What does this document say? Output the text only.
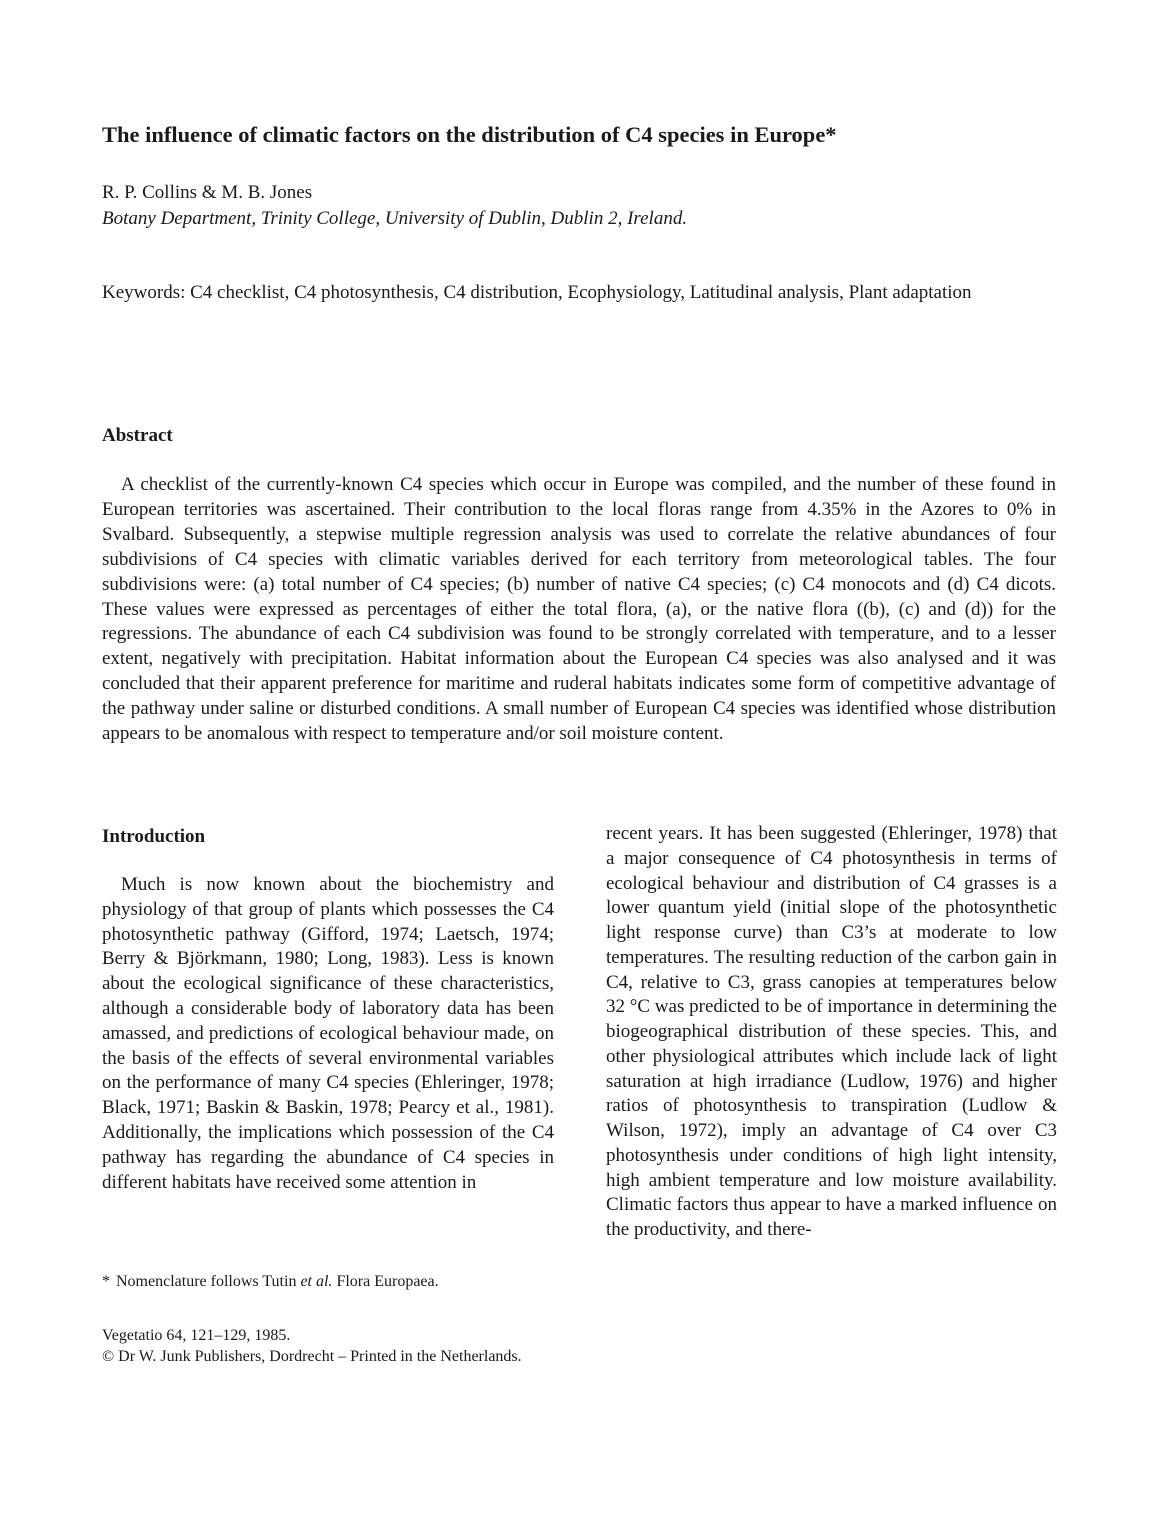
The influence of climatic factors on the distribution of C4 species in Europe*
R. P. Collins & M. B. Jones
Botany Department, Trinity College, University of Dublin, Dublin 2, Ireland.
Keywords: C4 checklist, C4 photosynthesis, C4 distribution, Ecophysiology, Latitudinal analysis, Plant adaptation
Abstract

A checklist of the currently-known C4 species which occur in Europe was compiled, and the number of these found in European territories was ascertained. Their contribution to the local floras range from 4.35% in the Azores to 0% in Svalbard. Subsequently, a stepwise multiple regression analysis was used to correlate the relative abundances of four subdivisions of C4 species with climatic variables derived for each territory from meteorological tables. The four subdivisions were: (a) total number of C4 species; (b) number of native C4 species; (c) C4 monocots and (d) C4 dicots. These values were expressed as percentages of either the total flora, (a), or the native flora ((b), (c) and (d)) for the regressions. The abundance of each C4 subdivision was found to be strongly correlated with temperature, and to a lesser extent, negatively with precipitation. Habitat information about the European C4 species was also analysed and it was concluded that their apparent preference for maritime and ruderal habitats indicates some form of competitive advantage of the pathway under saline or disturbed conditions. A small number of European C4 species was identified whose distribution appears to be anomalous with respect to temperature and/or soil moisture content.

Introduction

Much is now known about the biochemistry and physiology of that group of plants which possesses the C4 photosynthetic pathway (Gifford, 1974; Laetsch, 1974; Berry & Björkmann, 1980; Long, 1983). Less is known about the ecological significance of these characteristics, although a considerable body of laboratory data has been amassed, and predictions of ecological behaviour made, on the basis of the effects of several environmental variables on the performance of many C4 species (Ehleringer, 1978; Black, 1971; Baskin & Baskin, 1978; Pearcy et al., 1981). Additionally, the implications which possession of the C4 pathway has regarding the abundance of C4 species in different habitats have received some attention in

recent years. It has been suggested (Ehleringer, 1978) that a major consequence of C4 photosynthesis in terms of ecological behaviour and distribution of C4 grasses is a lower quantum yield (initial slope of the photosynthetic light response curve) than C3’s at moderate to low temperatures. The resulting reduction of the carbon gain in C4, relative to C3, grass canopies at temperatures below 32 °C was predicted to be of importance in determining the biogeographical distribution of these species. This, and other physiological attributes which include lack of light saturation at high irradiance (Ludlow, 1976) and higher ratios of photosynthesis to transpiration (Ludlow & Wilson, 1972), imply an advantage of C4 over C3 photosynthesis under conditions of high light intensity, high ambient temperature and low moisture availability. Climatic factors thus appear to have a marked influence on the productivity, and there-

* Nomenclature follows Tutin et al. Flora Europaea.
Vegetatio 64, 121–129, 1985.
© Dr W. Junk Publishers, Dordrecht – Printed in the Netherlands.
